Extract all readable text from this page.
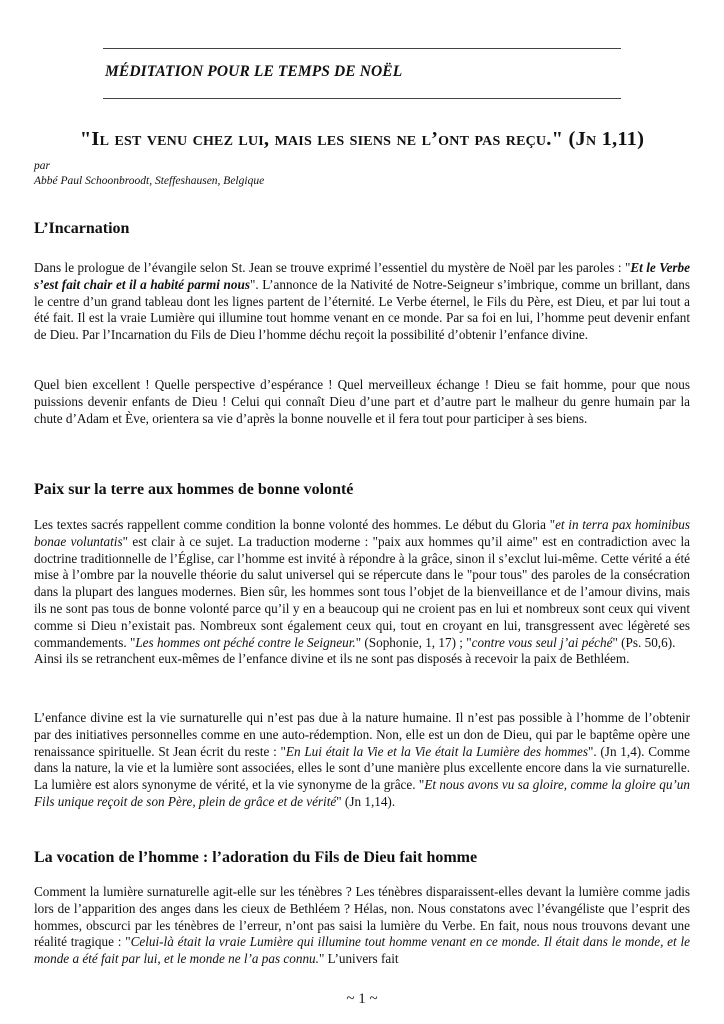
MÉDITATION POUR LE TEMPS DE NOËL
"Il est venu chez lui, mais les siens ne l’ont pas reçu." (Jn 1,11)
par
Abbé Paul Schoonbroodt, Steffeshausen, Belgique
L’Incarnation
Dans le prologue de l’évangile selon St. Jean se trouve exprimé l’essentiel du mystère de Noël par les paroles : "Et le Verbe s’est fait chair et il a habité parmi nous". L’annonce de la Nativité de Notre-Seigneur s’imbrique, comme un brillant, dans le centre d’un grand tableau dont les lignes partent de l’éternité. Le Verbe éternel, le Fils du Père, est Dieu, et par lui tout a été fait. Il est la vraie Lumière qui illumine tout homme venant en ce monde. Par sa foi en lui, l’homme peut devenir enfant de Dieu. Par l’Incarnation du Fils de Dieu l’homme déchu reçoit la possibilité d’obtenir l’enfance divine.
Quel bien excellent ! Quelle perspective d’espérance ! Quel merveilleux échange ! Dieu se fait homme, pour que nous puissions devenir enfants de Dieu ! Celui qui connaît Dieu d’une part et d’autre part le malheur du genre humain par la chute d’Adam et Ève, orientera sa vie d’après la bonne nouvelle et il fera tout pour participer à ses biens.
Paix sur la terre aux hommes de bonne volonté
Les textes sacrés rappellent comme condition la bonne volonté des hommes. Le début du Gloria "et in terra pax hominibus bonae voluntatis" est clair à ce sujet. La traduction moderne : "paix aux hommes qu’il aime" est en contradiction avec la doctrine traditionnelle de l’Église, car l’homme est invité à répondre à la grâce, sinon il s’exclut lui-même. Cette vérité a été mise à l’ombre par la nouvelle théorie du salut universel qui se répercute dans le "pour tous" des paroles de la consécration dans la plupart des langues modernes. Bien sûr, les hommes sont tous l’objet de la bienveillance et de l’amour divins, mais ils ne sont pas tous de bonne volonté parce qu’il y en a beaucoup qui ne croient pas en lui et nombreux sont ceux qui vivent comme si Dieu n’existait pas. Nombreux sont également ceux qui, tout en croyant en lui, transgressent avec légèreté ses commandements. "Les hommes ont péché contre le Seigneur." (Sophonie, 1, 17) ; "contre vous seul j’ai péché" (Ps. 50,6).
Ainsi ils se retranchent eux-mêmes de l’enfance divine et ils ne sont pas disposés à recevoir la paix de Bethléem.
L’enfance divine est la vie surnaturelle qui n’est pas due à la nature humaine. Il n’est pas possible à l’homme de l’obtenir par des initiatives personnelles comme en une auto-rédemption. Non, elle est un don de Dieu, qui par le baptême opère une renaissance spirituelle. St Jean écrit du reste : "En Lui était la Vie et la Vie était la Lumière des hommes". (Jn 1,4). Comme dans la nature, la vie et la lumière sont associées, elles le sont d’une manière plus excellente encore dans la vie surnaturelle. La lumière est alors synonyme de vérité, et la vie synonyme de la grâce. "Et nous avons vu sa gloire, comme la gloire qu’un Fils unique reçoit de son Père, plein de grâce et de vérité" (Jn 1,14).
La vocation de l’homme : l’adoration du Fils de Dieu fait homme
Comment la lumière surnaturelle agit-elle sur les ténèbres ? Les ténèbres disparaissent-elles devant la lumière comme jadis lors de l’apparition des anges dans les cieux de Bethléem ? Hélas, non. Nous constatons avec l’évangéliste que l’esprit des hommes, obscurci par les ténèbres de l’erreur, n’ont pas saisi la lumière du Verbe. En fait, nous nous trouvons devant une réalité tragique : "Celui-là était la vraie Lumière qui illumine tout homme venant en ce monde. Il était dans le monde, et le monde a été fait par lui, et le monde ne l’a pas connu." L’univers fait
~ 1 ~
